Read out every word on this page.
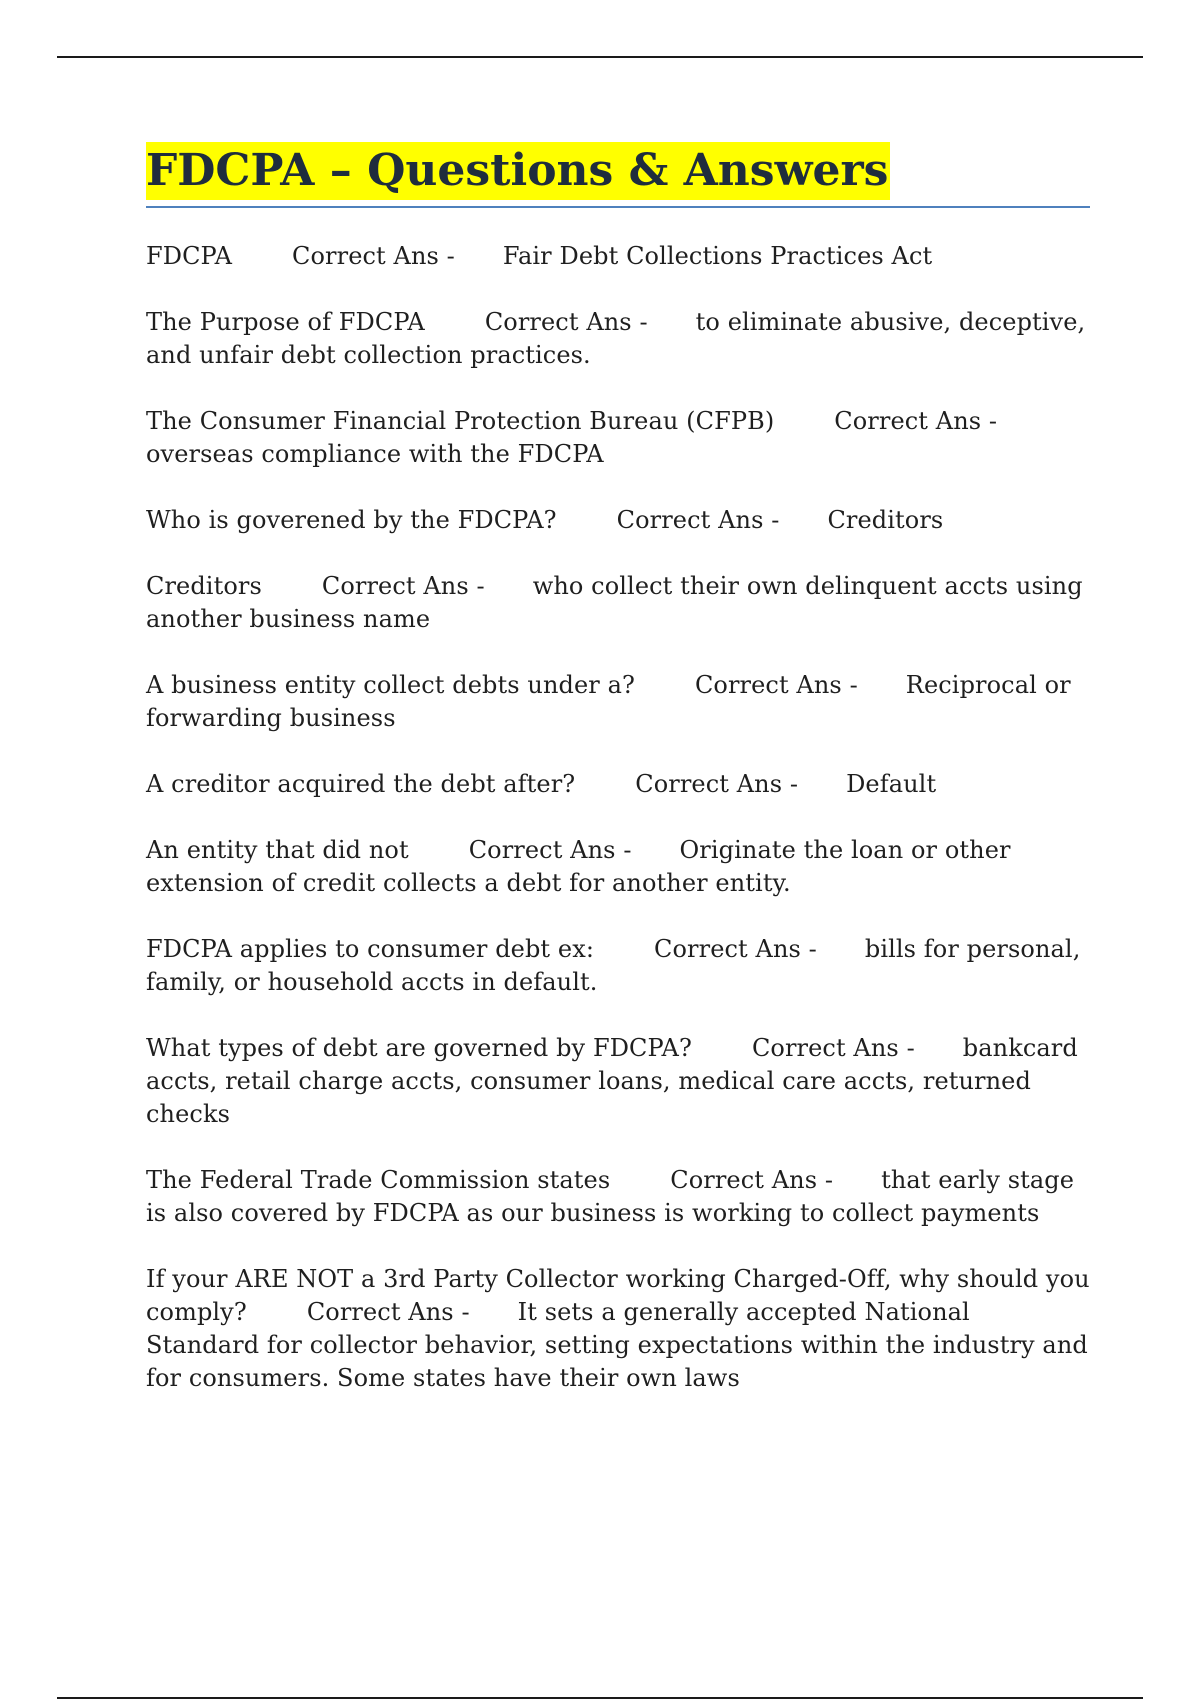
FDCPA – Questions & Answers

FDCPA	Correct Ans - Fair Debt Collections Practices Act

The Purpose of FDCPA	Correct Ans - to eliminate abusive, deceptive, and unfair debt collection practices.

The Consumer Financial Protection Bureau (CFPB)	Correct Ans -overseas compliance with the FDCPA

Who is goverened by the FDCPA?	Correct Ans - Creditors

Creditors	Correct Ans - who collect their own delinquent accts using another business name

A business entity collect debts under a?	Correct Ans - Reciprocal or forwarding business

A creditor acquired the debt after?	Correct Ans - Default

An entity that did not	Correct Ans - Originate the loan or other extension of credit collects a debt for another entity.

FDCPA applies to consumer debt ex:	Correct Ans - bills for personal, family, or household accts in default.

What types of debt are governed by FDCPA?	Correct Ans - bankcard accts, retail charge accts, consumer loans, medical care accts, returned checks

The Federal Trade Commission states	Correct Ans - that early stage is also covered by FDCPA as our business is working to collect payments

If your ARE NOT a 3rd Party Collector working Charged-Off, why should you comply?	Correct Ans - It sets a generally accepted National Standard for collector behavior, setting expectations within the industry and for consumers. Some states have their own laws
